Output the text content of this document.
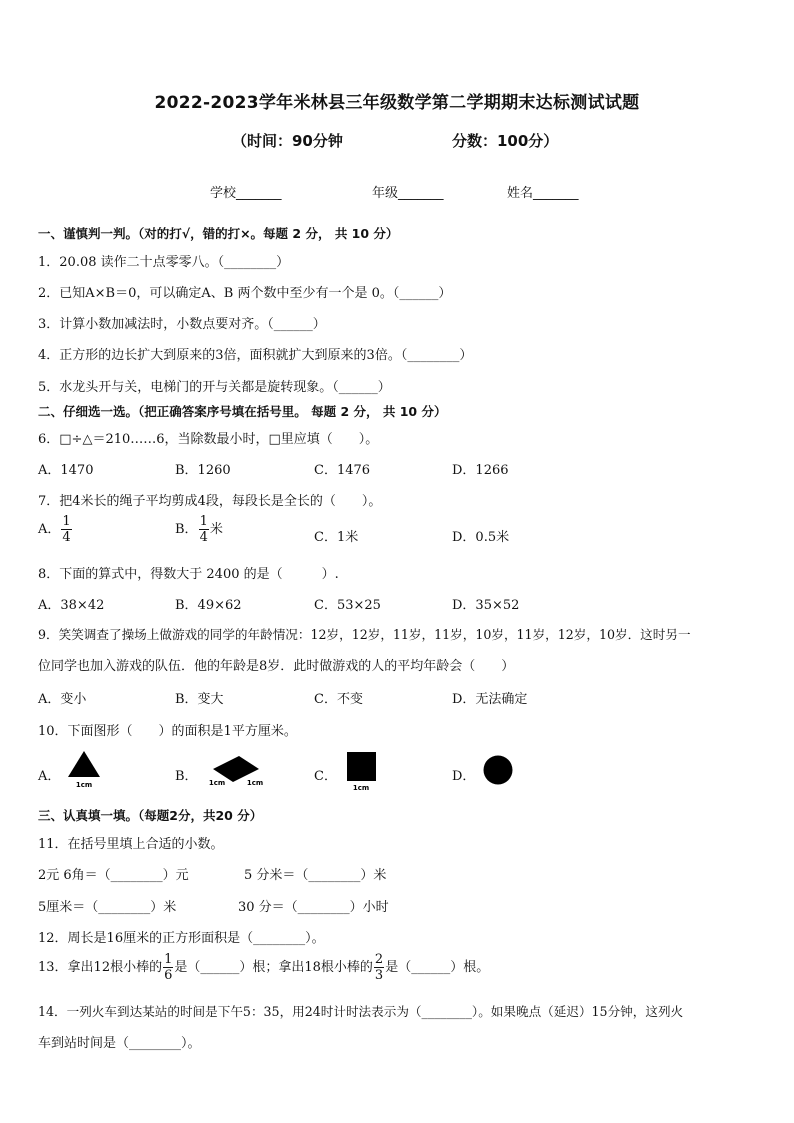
2022-2023学年米林县三年级数学第二学期期末达标测试试题
（时间：90分钟	分数：100分）
学校_______	年级_______	姓名_______
一、谨慎判一判。（对的打√，错的打×。每题 2 分， 共 10 分）
1．20.08 读作二十点零零八。（________）
2．已知A×B＝0，可以确定A、B 两个数中至少有一个是 0。（______）
3．计算小数加减法时，小数点要对齐。（______）
4．正方形的边长扩大到原来的3倍，面积就扩大到原来的3倍。（________）
5．水龙头开与关，电梯门的开与关都是旋转现象。（______）
二、仔细选一选。（把正确答案序号填在括号里。 每题 2 分， 共 10 分）
6．□÷△＝210……6，当除数最小时，□里应填（　　）。
A．1470	B．1260	C．1476	D．1266
7．把4米长的绳子平均剪成4段，每段长是全长的（　　）。
A． $\frac{1}{4}$	B． $\frac{1}{4}$ 米
C．1米	D．0.5米
8．下面的算式中，得数大于 2400 的是（　　　）.
A．38×42	B．49×62	C．53×25	D．35×52
9．笑笑调查了操场上做游戏的同学的年龄情况：12岁，12岁，11岁，11岁，10岁，11岁，12岁，10岁．这时另一
位同学也加入游戏的队伍．他的年龄是8岁．此时做游戏的人的平均年龄会（　　）
A．变小	B．变大	C．不变	D．无法确定
10．下面图形（　　）的面积是1平方厘米。
A．	B．	C．	D．
1cm	1cm	1cm
1cm
三、认真填一填。（每题2分，共20 分）
11．在括号里填上合适的小数。
2元 6角＝（________）元	5 分米＝（________）米
5厘米＝（________）米	30 分＝（________）小时
12．周长是16厘米的正方形面积是（________）。
13．拿出12根小棒的 $\frac{1}{6}$ 是（______）根；拿出18根小棒的 $\frac{2}{3}$ 是（______）根。
14．一列火车到达某站的时间是下午5：35，用24时计时法表示为（________）。如果晚点（延迟）15分钟，这列火
车到站时间是（________）。
